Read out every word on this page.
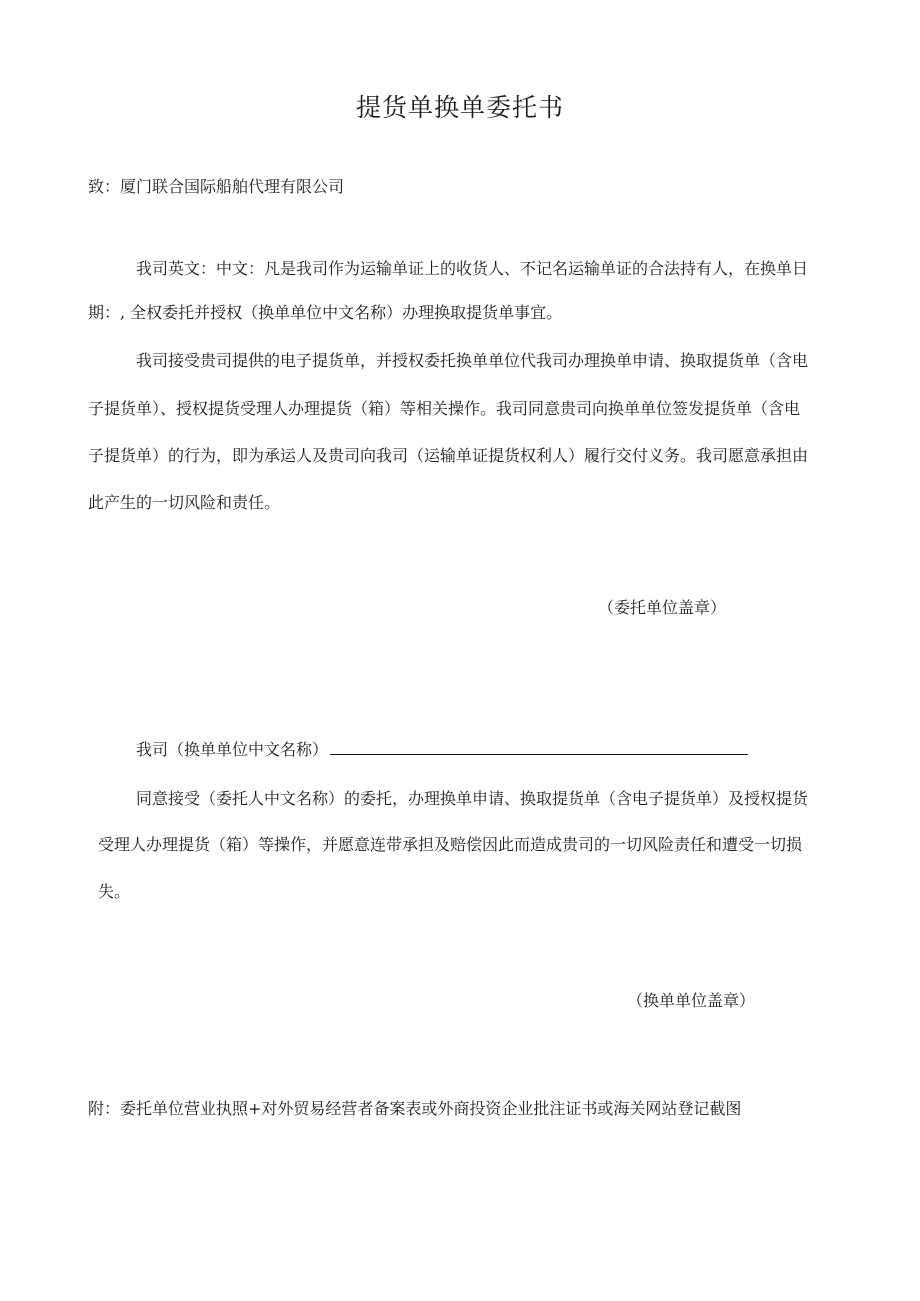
提货单换单委托书

致：厦门联合国际船舶代理有限公司

我司英文：中文：凡是我司作为运输单证上的收货人、不记名运输单证的合法持有人，在换单日

期：, 全权委托并授权（换单单位中文名称）办理换取提货单事宜。

我司接受贵司提供的电子提货单，并授权委托换单单位代我司办理换单申请、换取提货单（含电

子提货单）、授权提货受理人办理提货（箱）等相关操作。我司同意贵司向换单单位签发提货单（含电

子提货单）的行为，即为承运人及贵司向我司（运输单证提货权利人）履行交付义务。我司愿意承担由

此产生的一切风险和责任。

（委托单位盖章）

我司（换单单位中文名称）

同意接受（委托人中文名称）的委托，办理换单申请、换取提货单（含电子提货单）及授权提货

受理人办理提货（箱）等操作，并愿意连带承担及赔偿因此而造成贵司的一切风险责任和遭受一切损

失。

（换单单位盖章）

附：委托单位营业执照+对外贸易经营者备案表或外商投资企业批注证书或海关网站登记截图
